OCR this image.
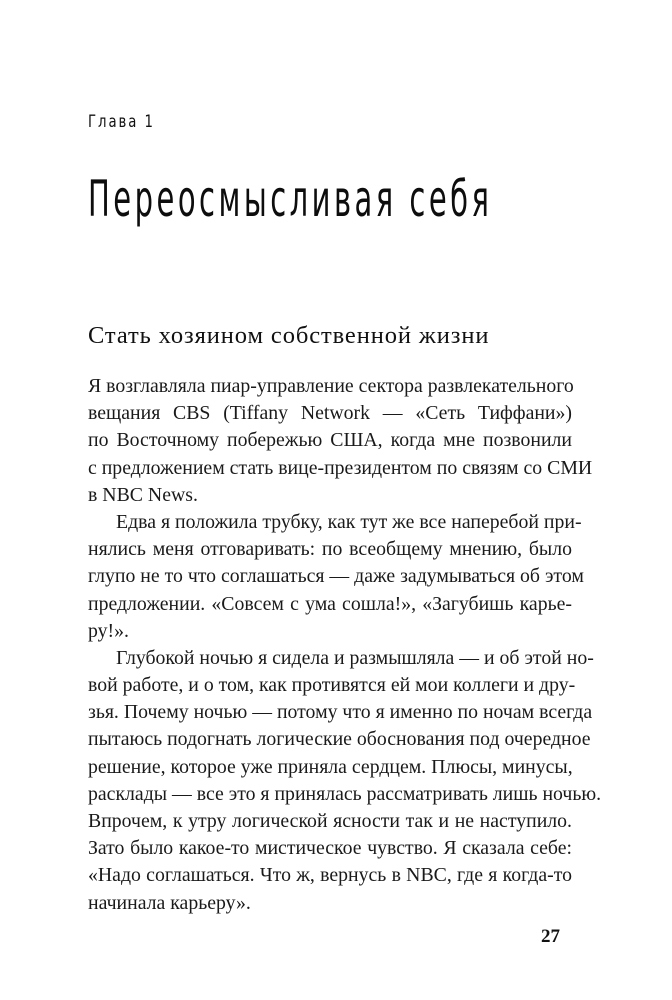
Глава 1
Переосмысливая себя
Стать хозяином собственной жизни
Я возглавляла пиар-управление сектора развлекательного
вещания CBS (Tiffany Network — «Сеть Тиффани»)
по Восточному побережью США, когда мне позвонили
с предложением стать вице-президентом по связям со СМИ
в NBC News.
Едва я положила трубку, как тут же все наперебой при-
нялись меня отговаривать: по всеобщему мнению, было
глупо не то что соглашаться — даже задумываться об этом
предложении. «Совсем с ума сошла!», «Загубишь карье-
ру!».
Глубокой ночью я сидела и размышляла — и об этой но-
вой работе, и о том, как противятся ей мои коллеги и дру-
зья. Почему ночью — потому что я именно по ночам всегда
пытаюсь подогнать логические обоснования под очередное
решение, которое уже приняла сердцем. Плюсы, минусы,
расклады — все это я принялась рассматривать лишь ночью.
Впрочем, к утру логической ясности так и не наступило.
Зато было какое-то мистическое чувство. Я сказала себе:
«Надо соглашаться. Что ж, вернусь в NBC, где я когда-то
начинала карьеру».
27
